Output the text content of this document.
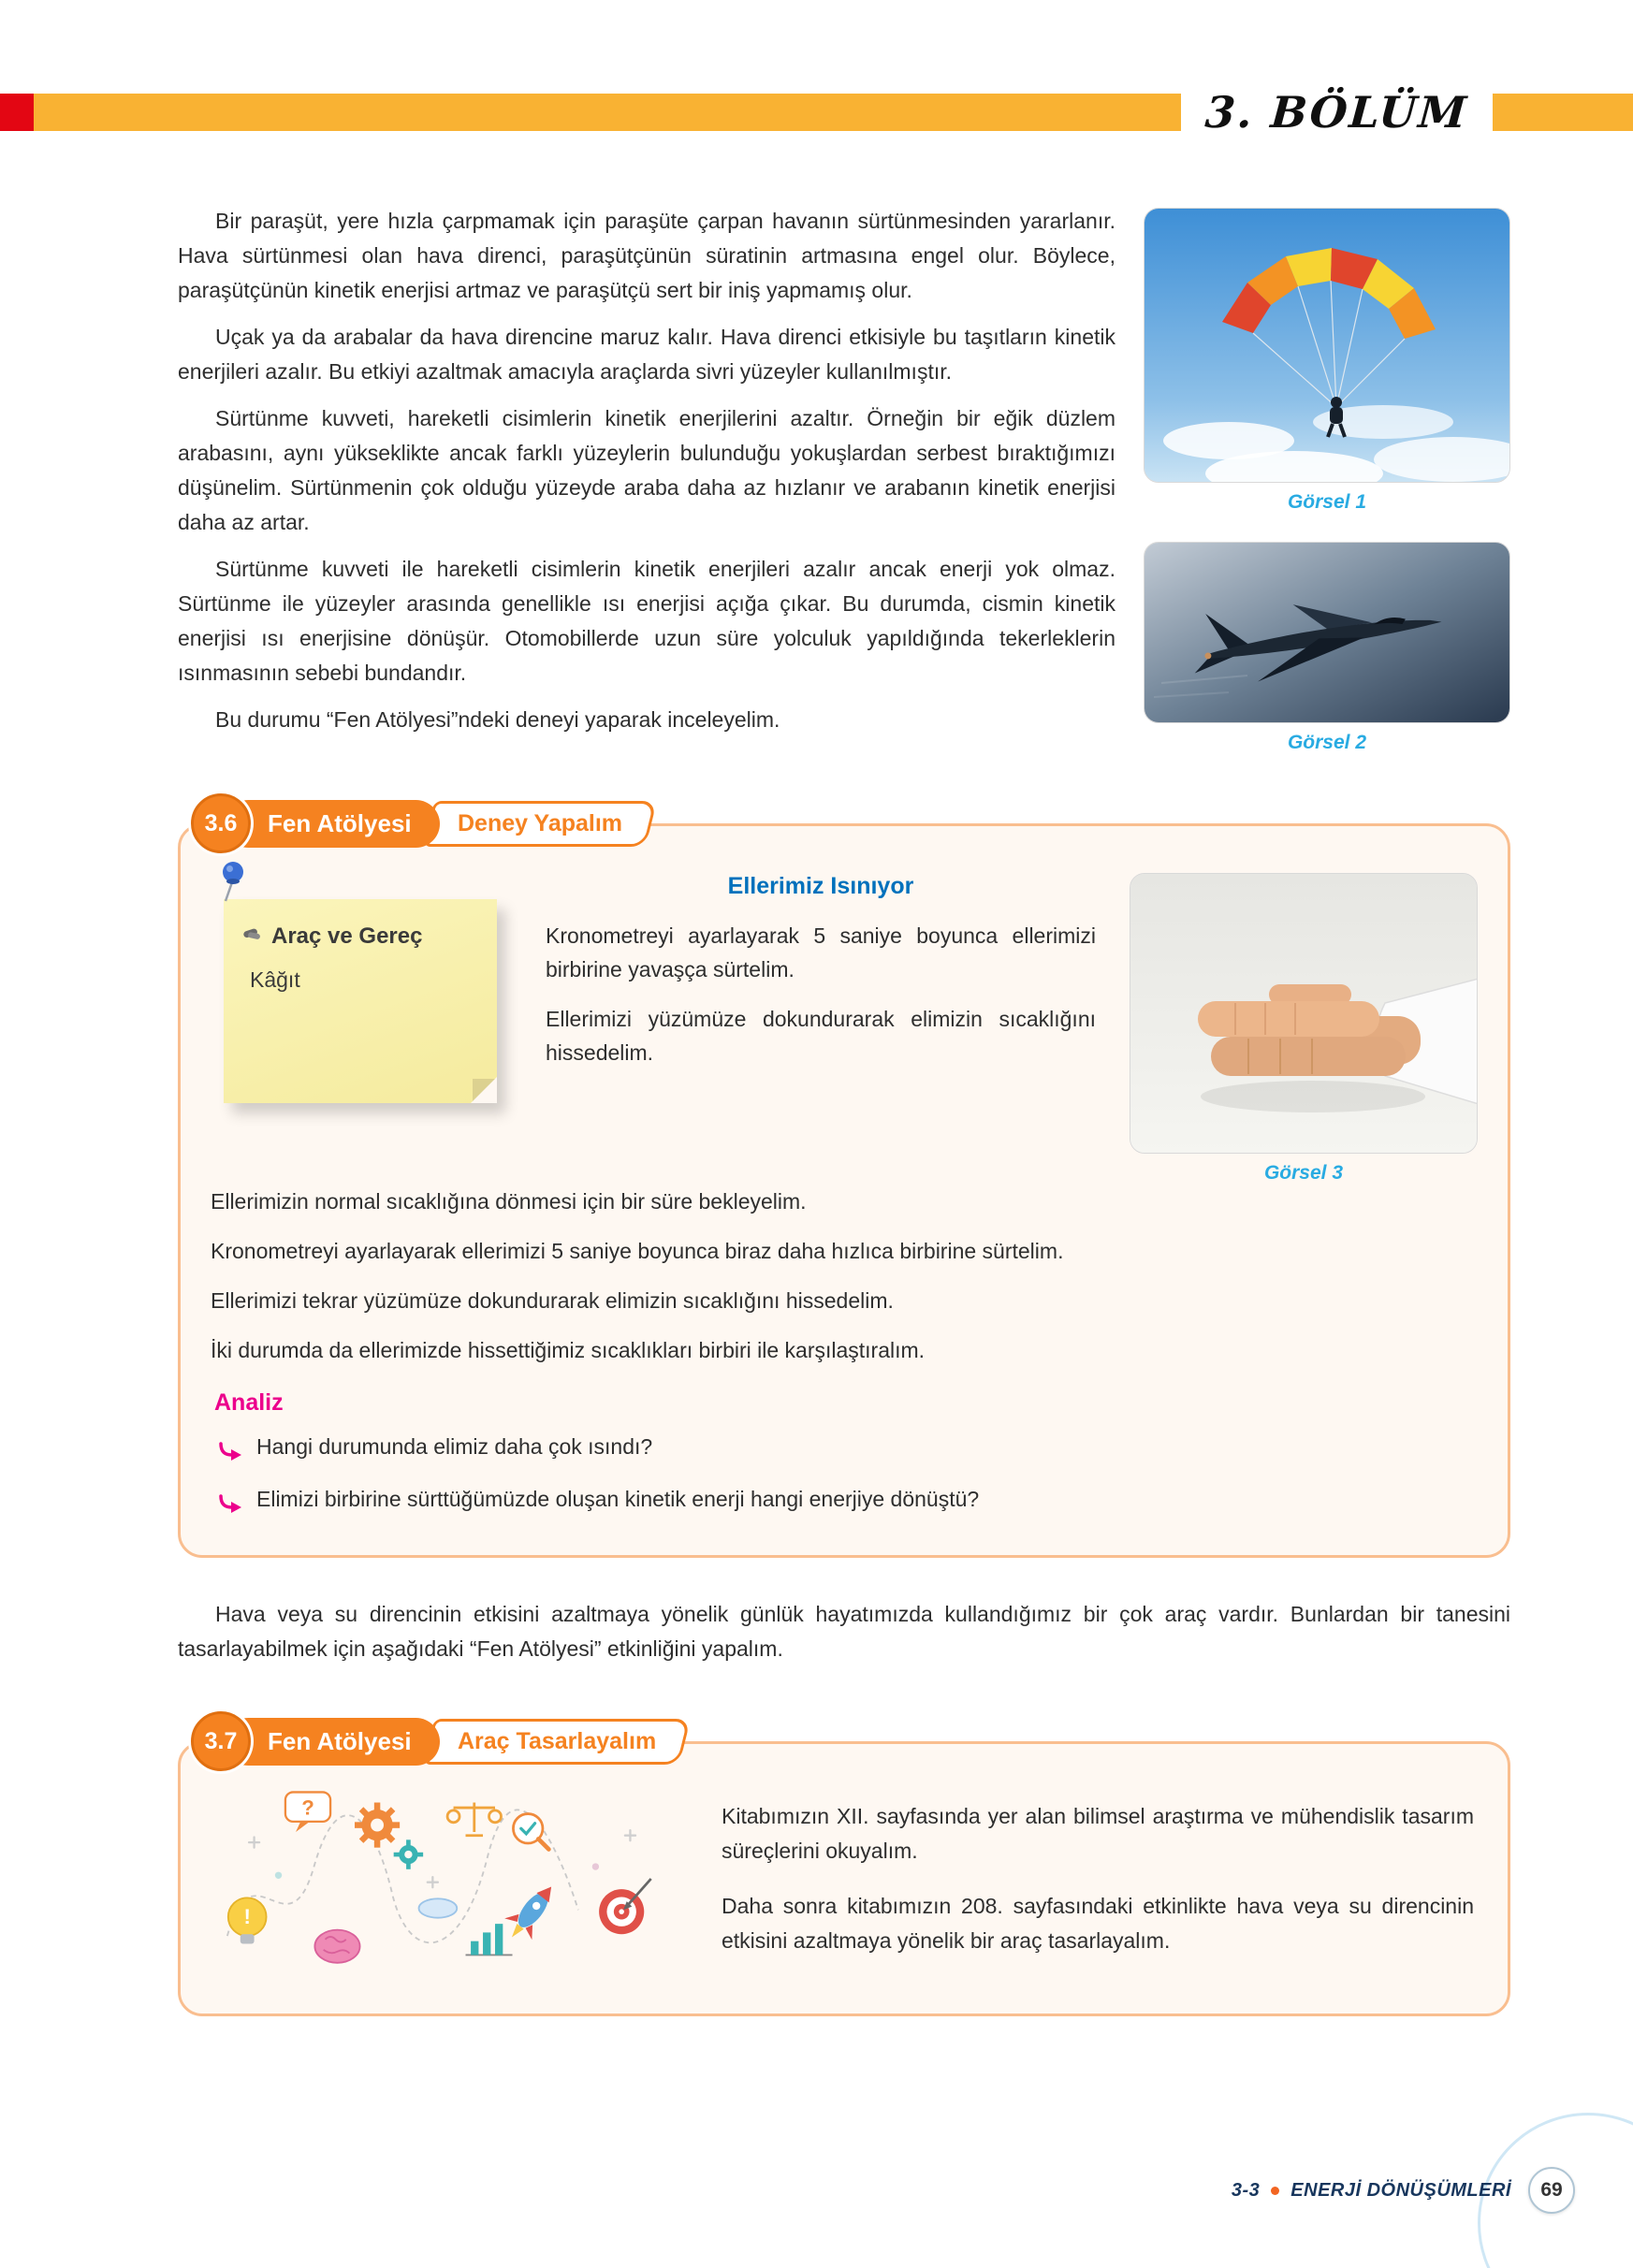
3. BÖLÜM
Görsel 1
Görsel 2

Bir paraşüt, yere hızla çarpmamak için paraşüte çarpan havanın sürtünmesinden yararlanır. Hava sürtünmesi olan hava direnci, paraşütçünün süratinin artmasına engel olur. Böylece, paraşütçünün kinetik enerjisi artmaz ve paraşütçü sert bir iniş yapmamış olur.

Uçak ya da arabalar da hava direncine maruz kalır. Hava direnci etkisiyle bu taşıtların kinetik enerjileri azalır. Bu etkiyi azaltmak amacıyla araçlarda sivri yüzeyler kullanılmıştır.

Sürtünme kuvveti, hareketli cisimlerin kinetik enerjilerini azaltır. Örneğin bir eğik düzlem arabasını, aynı yükseklikte ancak farklı yüzeylerin bulunduğu yokuşlardan serbest bıraktığımızı düşünelim. Sürtünmenin çok olduğu yüzeyde araba daha az hızlanır ve arabanın kinetik enerjisi daha az artar.

Sürtünme kuvveti ile hareketli cisimlerin kinetik enerjileri azalır ancak enerji yok olmaz. Sürtünme ile yüzeyler arasında genellikle ısı enerjisi açığa çıkar. Bu durumda, cismin kinetik enerjisi ısı enerjisine dönüşür. Otomobillerde uzun süre yolculuk yapıldığında tekerleklerin ısınmasının sebebi bundandır.

Bu durumu “Fen Atölyesi”ndeki deneyi yaparak inceleyelim.

3.6	Fen Atölyesi	Deney Yapalım
Araç ve Gereç
Kâğıt
Ellerimiz Isınıyor

Kronometreyi ayarlayarak 5 saniye boyunca ellerimizi birbirine yavaşça sürtelim.

Ellerimizi yüzümüze dokundurarak elimizin sıcaklığını hissedelim.

Görsel 3

Ellerimizin normal sıcaklığına dönmesi için bir süre bekleyelim.

Kronometreyi ayarlayarak ellerimizi 5 saniye boyunca biraz daha hızlıca birbirine sürtelim.

Ellerimizi tekrar yüzümüze dokundurarak elimizin sıcaklığını hissedelim.

İki durumda da ellerimizde hissettiğimiz sıcaklıkları birbiri ile karşılaştıralım.

Analiz
Hangi durumunda elimiz daha çok ısındı?
Elimizi birbirine sürttüğümüzde oluşan kinetik enerji hangi enerjiye dönüştü?

Hava veya su direncinin etkisini azaltmaya yönelik günlük hayatımızda kullandığımız bir çok araç vardır. Bunlardan bir tanesini tasarlayabilmek için aşağıdaki “Fen Atölyesi” etkinliğini yapalım.

3.7	Fen Atölyesi	Araç Tasarlayalım
!
?	Kitabımızın XII. sayfasında yer alan bilimsel araştırma ve mühendislik tasarım süreçlerini okuyalım.

Daha sonra kitabımızın 208. sayfasındaki etkinlikte hava veya su direncinin etkisini azaltmaya yönelik bir araç tasarlayalım.

3-3 ENERJİ DÖNÜŞÜMLERİ	69
